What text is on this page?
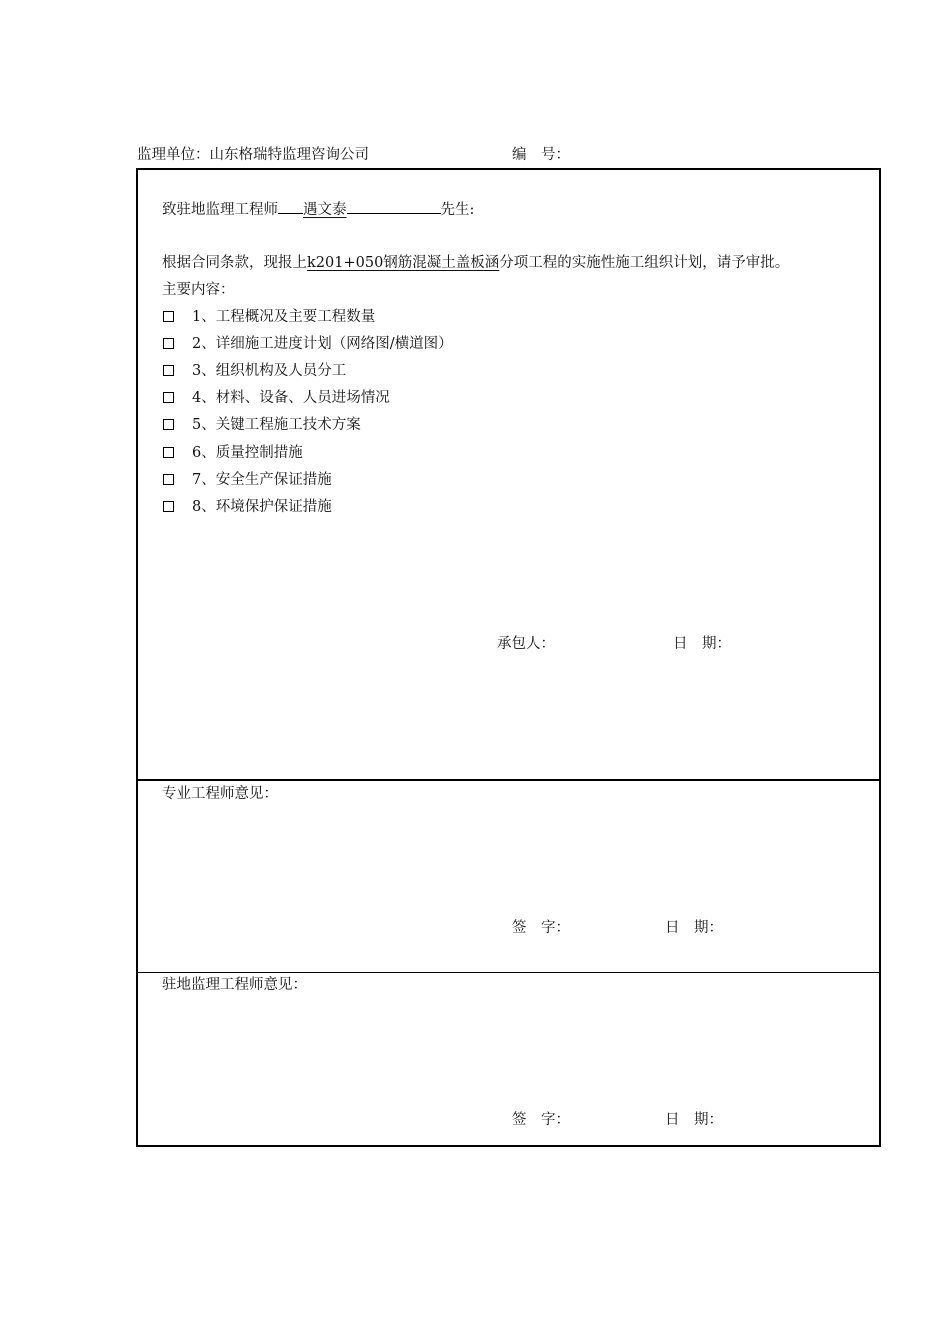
监理单位：山东格瑞特监理咨询公司	编　号：
致驻地监理工程师 遇文泰	先生:
根据合同条款，现报上k201+050钢筋混凝土盖板涵分项工程的实施性施工组织计划，请予审批。
主要内容：
1、工程概况及主要工程数量
2、详细施工进度计划（网络图/横道图）
3、组织机构及人员分工
4、材料、设备、人员进场情况
5、关键工程施工技术方案
6、质量控制措施
7、安全生产保证措施
8、环境保护保证措施
承包人：	日　期：
专业工程师意见：
签　字：	日　期：
驻地监理工程师意见：
签　字：	日　期：
